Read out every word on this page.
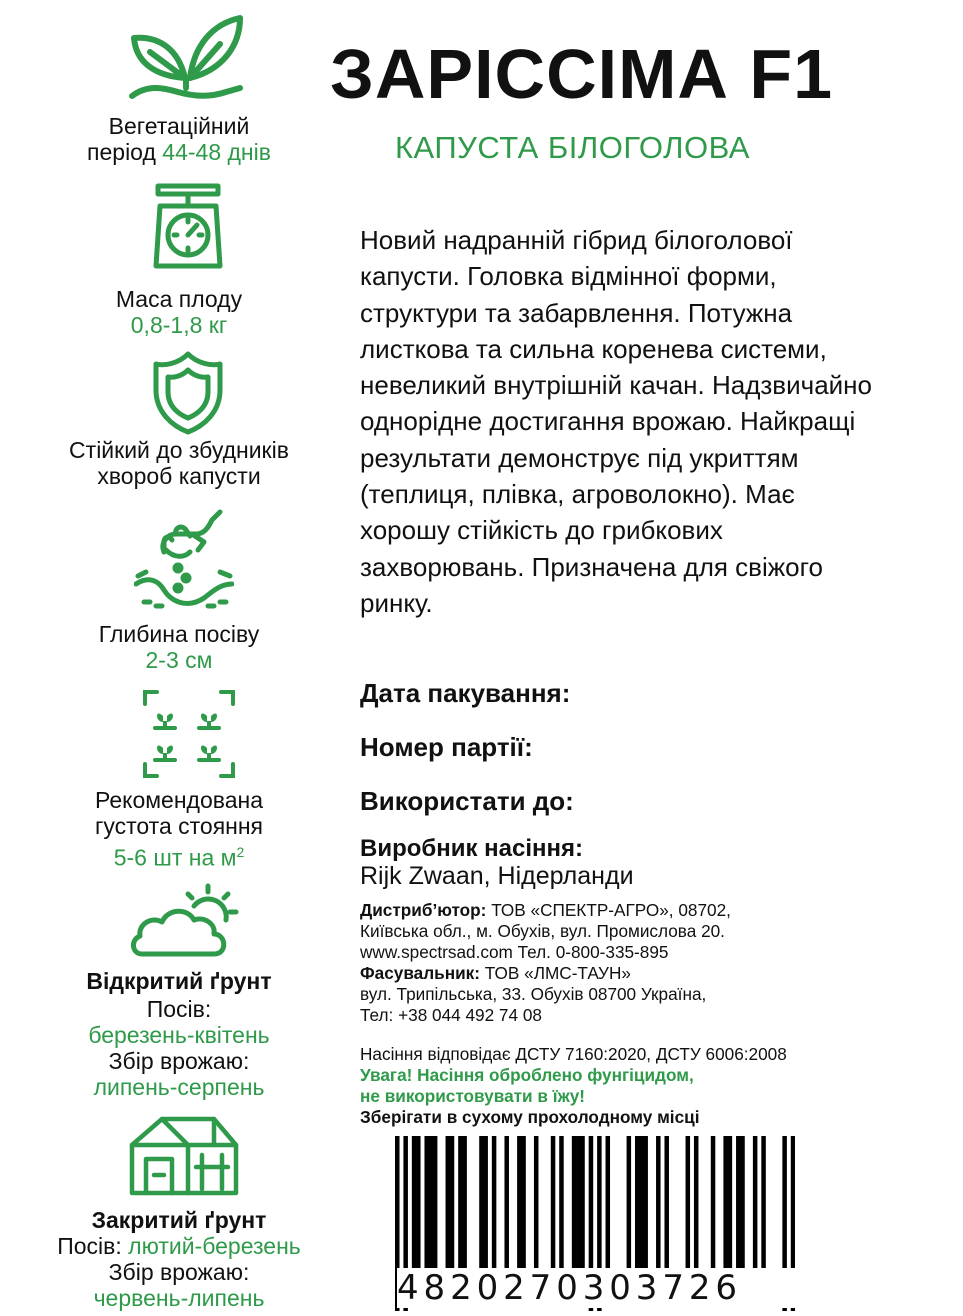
Вегетаційний
період 44-48 днів
Маса плоду
0,8-1,8 кг
Стійкий до збудників
хвороб капусти
Глибина посіву
2-3 см
Рекомендована
густота стояння
5-6 шт на $м^2$
Відкритий ґрунт
Посів:
березень-квітень
Збір врожаю:
липень-серпень
Закритий ґрунт
Посів: лютий-березень
Збір врожаю:
червень-липень
ЗАРІССІМА F1
КАПУСТА БІЛОГОЛОВА
Новий надранній гібрид білоголової капусти. Головка відмінної форми, структури та забарвлення. Потужна листкова та сильна коренева системи, невеликий внутрішній качан. Надзвичайно однорідне достигання врожаю. Найкращі результати демонструє під укриттям (теплиця, плівка, агроволокно). Має хорошу стійкість до грибкових захворювань. Призначена для свіжого ринку.
Дата пакування:
Номер партії:
Використати до:
Виробник насіння:
Rijk Zwaan, Нідерланди
Дистриб’ютор: ТОВ «СПЕКТР-АГРО», 08702,
Київська обл., м. Обухів, вул. Промислова 20.
www.spectrsad.com Тел. 0-800-335-895
Фасувальник: ТОВ «ЛМС-ТАУН»
вул. Трипільська, 33. Обухів 08700 Україна,
Тел: +38 044 492 74 08
Насіння відповідає ДСТУ 7160:2020, ДСТУ 6006:2008
Увага! Насіння оброблено фунгіцидом,
не використовувати в їжу!
Зберігати в сухому прохолодному місці
4820270303726
